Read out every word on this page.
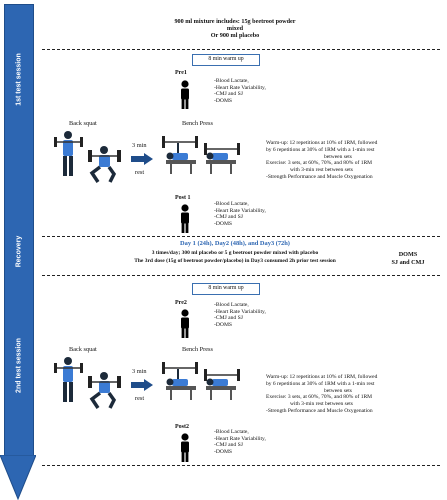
1st test session
Recovery
2nd test session
900 ml mixture includes: 15g beetroot powder
mixed
Or 900 ml placebo
8 min warm up
Pre1
-Blood Lactate,
-Heart Rate Variability,
-CMJ and SJ
-DOMS
Back squat	Bench Press
3 min
rest
Warm-up: 12 repetitions at 10% of 1RM, followed
by 6 repetitions at 30% of 1RM with a 1-min rest
between sets
Exercise: 3 sets, at 60%, 70%, and 80% of 1RM
with 3-min rest between sets
-Strength Performance and Muscle Oxygenation
Post 1
-Blood Lactate,
-Heart Rate Variability,
-CMJ and SJ
-DOMS
Day 1 (24h), Day2 (48h), and Day3 (72h)
3 times/day; 300 ml placebo or 5 g beetroot powder mixed with placebo
The 3rd dose (15g of beetroot powder/placebo) in Day3 consumed 2h prior test session
DOMS
SJ and CMJ
8 min warm up
Pre2	-Blood Lactate,
-Heart Rate Variability,
-CMJ and SJ
-DOMS
Back squat	Bench Press
3 min
rest
Warm-up: 12 repetitions at 10% of 1RM, followed
by 6 repetitions at 30% of 1RM with a 1-min rest
between sets
Exercise: 3 sets, at 60%, 70%, and 80% of 1RM
with 3-min rest between sets
-Strength Performance and Muscle Oxygenation
Post2
-Blood Lactate,
-Heart Rate Variability,
-CMJ and SJ
-DOMS
